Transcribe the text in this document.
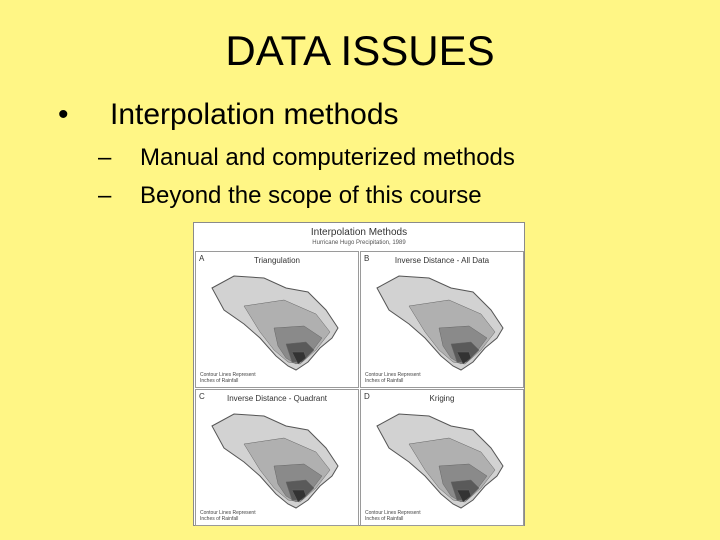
DATA ISSUES
• Interpolation methods
– Manual and computerized methods
– Beyond the scope of this course
Interpolation Methods
Hurricane Hugo Precipitation, 1989
A	Triangulation
Contour Lines Represent
Inches of Rainfall
B	Inverse Distance - All Data
Contour Lines Represent
Inches of Rainfall
C	Inverse Distance - Quadrant
Contour Lines Represent
Inches of Rainfall
D	Kriging
Contour Lines Represent
Inches of Rainfall
